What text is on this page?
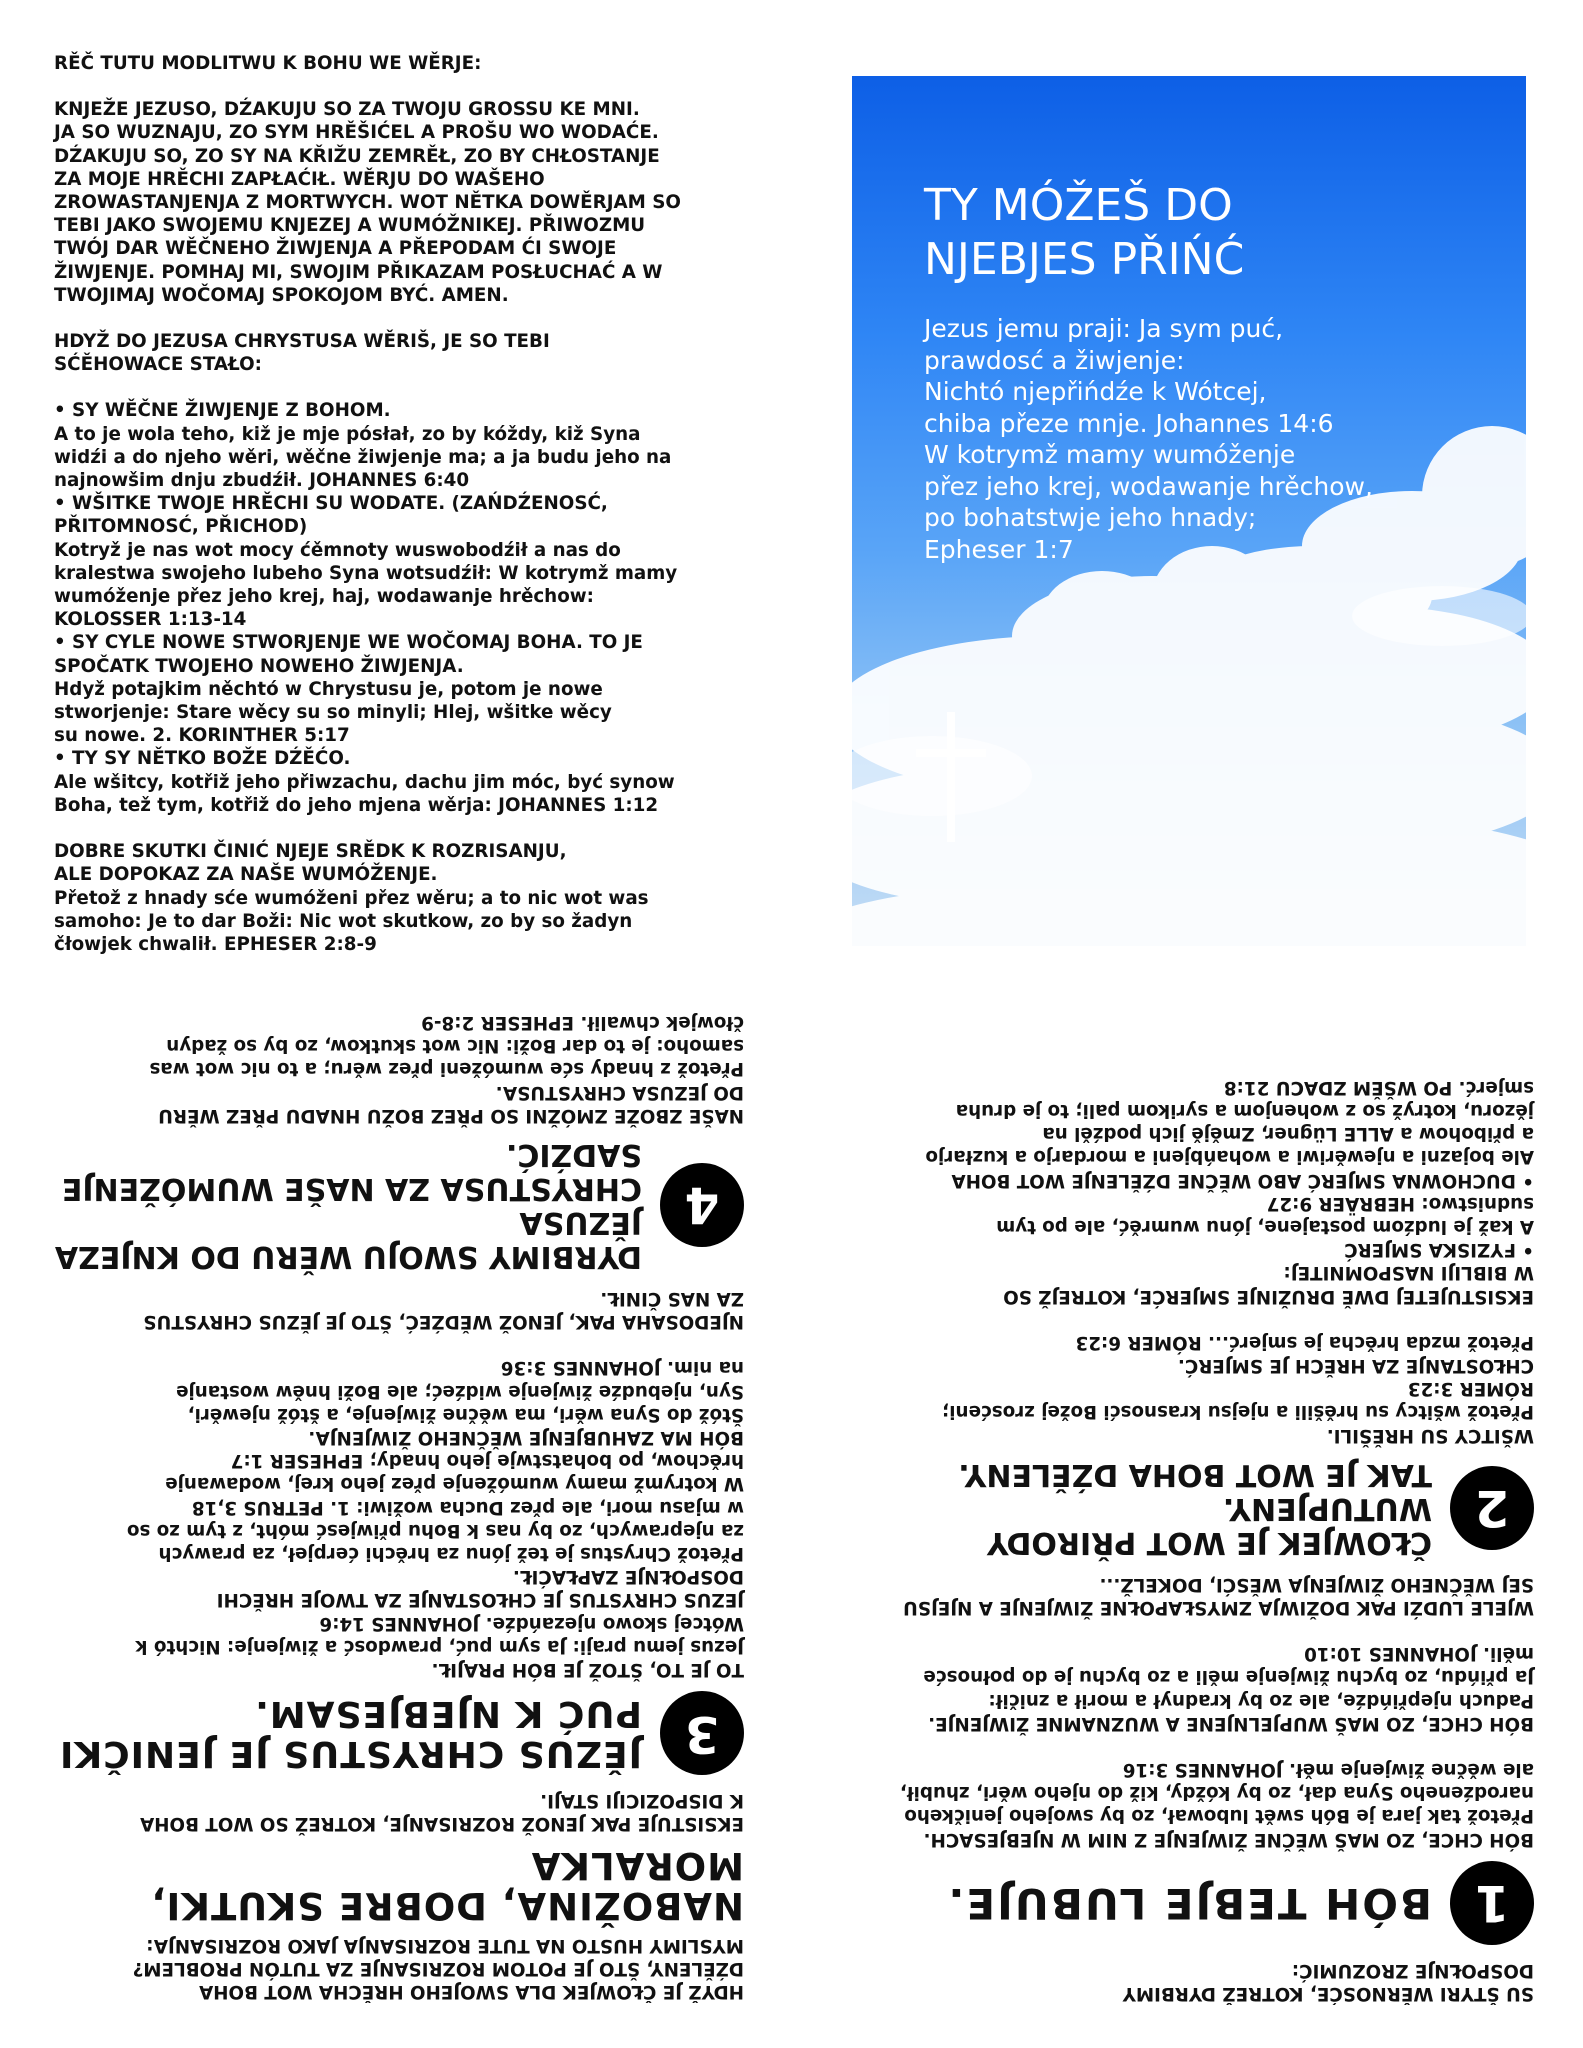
RĚČ TUTU MODLITWU K BOHU WE WĚRJE:

KNJEŽE JEZUSO, DŹAKUJU SO ZA TWOJU GROSSU KE MNI.

JA SO WUZNAJU, ZO SYM HRĚŠIĆEL A PROŠU WO WODAĆE.

DŹAKUJU SO, ZO SY NA KŘIŽU ZEMRĚŁ, ZO BY CHŁOSTANJE

ZA MOJE HRĚCHI ZAPŁAĆIŁ. WĚRJU DO WAŠEHO

ZROWASTANJENJA Z MORTWYCH. WOT NĚTKA DOWĚRJAM SO

TEBI JAKO SWOJEMU KNJEZEJ A WUMÓŽNIKEJ. PŘIWOZMU

TWÓJ DAR WĚČNEHO ŽIWJENJA A PŘEPODAM ĆI SWOJE

ŽIWJENJE. POMHAJ MI, SWOJIM PŘIKAZAM POSŁUCHAĆ A W

TWOJIMAJ WOČOMAJ SPOKOJOM BYĆ. AMEN.

HDYŽ DO JEZUSA CHRYSTUSA WĚRIŠ, JE SO TEBI

SĆĚHOWACE STAŁO:

• SY WĚČNE ŽIWJENJE Z BOHOM.

A to je wola teho, kiž je mje pósłał, zo by kóždy, kiž Syna

widźi a do njeho wěri, wěčne žiwjenje ma; a ja budu jeho na

najnowšim dnju zbudźił. JOHANNES 6:40

• WŠITKE TWOJE HRĚCHI SU WODATE. (ZAŃDŹENOSĆ,

PŘITOMNOSĆ, PŘICHOD)

Kotryž je nas wot mocy ćěmnoty wuswobodźił a nas do

kralestwa swojeho lubeho Syna wotsudźił: W kotrymž mamy

wumóženje přez jeho krej, haj, wodawanje hrěchow:

KOLOSSER 1:13-14

• SY CYLE NOWE STWORJENJE WE WOČOMAJ BOHA. TO JE

SPOČATK TWOJEHO NOWEHO ŽIWJENJA.

Hdyž potajkim něchtó w Chrystusu je, potom je nowe

stworjenje: Stare wěcy su so minyli; Hlej, wšitke wěcy

su nowe. 2. KORINTHER 5:17

• TY SY NĚTKO BOŽE DŹĚĆO.

Ale wšitcy, kotřiž jeho přiwzachu, dachu jim móc, być synow

Boha, tež tym, kotřiž do jeho mjena wěrja: JOHANNES 1:12

DOBRE SKUTKI ČINIĆ NJEJE SRĚDK K ROZRISANJU,

ALE DOPOKAZ ZA NAŠE WUMÓŽENJE.

Přetož z hnady sće wumóženi přez wěru; a to nic wot was

samoho: Je to dar Boži: Nic wot skutkow, zo by so žadyn

čłowjek chwalił. EPHESER 2:8-9

TY MÓŽEŠ DO
NJEBJES PŘIŃĆ
Jezus jemu praji: Ja sym puć,
prawdosć a žiwjenje:
Nichtó njepřińdźe k Wótcej,
chiba přeze mnje. Johannes 14:6
W kotrymž mamy wumóženje
přez jeho krej, wodawanje hrěchow,
po bohatstwje jeho hnady;
Epheser 1:7

HDYŽ JE ČŁOWJEK DLA SWOJEHO HRĚCHA WOT BOHA

DŹĚLENY, ŠTO JE POTOM ROZRISANJE ZA TUTÓN PROBLEM?

MYSLIMY HUSTO NA TUTE ROZRISANJA JAKO ROZRISANJA:

NABOŽINA, DOBRE SKUTKI, MORALKA

EKSISTUJE PAK JENOŽ ROZRISANJE, KOTREŽ SO WOT BOHA

K DISPOZICIJI STAJI.

3
JĚZUS CHRYSTUS JE JENIČKI
PUĆ K NJEBJESAM.

TO JE TO, ŠTOŽ JE BÓH PRAJIŁ.

Jezus jemu praji: Ja sym puć, prawdosć a žiwjenje: Nichtó k

Wótcej skowo njezańdźe. JOHANNES 14:6

JEZUS CHRYSTUS JE CHŁOSTANJE ZA TWOJE HRĚCHI

DOSPOŁNJE ZAPŁAĆIŁ.

Přetož Chrystus je tež jónu za hrěchi ćerpjeł, za prawych

za njeprawych, zo by nas k Bohu přiwjesć móht, z tym zo so

w mjasu mori, ale přez Ducha wožiwi: 1. PETRUS 3,18

W kotrymž mamy wumóženje přez jeho krej, wodawanje

hrěchow, po bohatstwje jeho hnady; EPHESER 1:7

BÓH MA ZAHUBJENJE WĚČNEHO ŽIWJENJA.

Štóž do Syna wěri, ma wěčne žiwjenje, a štóž njewěri,

Syn, njebudźe žiwjenje widźeć; ale Boži hněw wostanje

na nim. JOHANNES 3:36

NJEDOSAHA PAK, JENOŽ WĚDŹEĆ, ŠTO JE JĚZUS CHRYSTUS

ZA NAS ČINIŁ.

4
DYRBIMY SWOJU WĚRU DO KNJEZA JĚZUSA
CHRYSTUSA ZA NAŠE WUMÓŽENJE SADŹIĆ.

NAŠE ZBOŽE ZMÓŽNI SO PŘEZ BOŽU HNADU PŘEZ WĚRU

DO JEZUSA CHRYSTUSA.

Přetož z hnady sće wumóženi přez wěru; a to nic wot was

samoho: je to dar Boži: Nic wot skutkow, zo by so žadyn

čłowjek chwalił. EPHESER 2:8-9

SU ŠTYRI WĚRNOSĆE, KOTREŽ DYRBIMY

DOSPOŁNJE ZROZUMIĆ:

1
BÓH TEBJE LUBUJE.

BÓH CHCE, ZO MAŠ WĚČNE ŽIWJENJE Z NIM W NJEBJESACH.

Přetož tak jara je Bóh swět lubował, zo by swojeho jeničkeho

narodźeneho Syna dał, zo by kóždy, kiž do njeho wěri, zhubił,

ale wěčne žiwjenje měł. JOHANNES 3:16

BÓH CHCE, ZO MAŠ WUPJELNJENE A WUZNAMNE ŽIWJENJE.

Paduch njepřińdźe, ale zo by kradnył a morił a zničił:

Ja přińdu, zo bychu žiwjenje měli a zo bychu je do połnosće

měli. JOHANNES 10:10

WJELE LUDŹI PAK DOŽIWJA ZMYSŁAPOŁNE ŽIWJENJE A NJEJSU

SEJ WĚČNEHO ŽIWJENJA WĚSĆI, DOKELŽ...

2
ČŁOWJEK JE WOT PŘIRODY WUTUPJENY.
TAK JE WOT BOHA DŹĚLENY.

WŠITCY SU HRĚŠILI.

Přetož wšitcy su hrěšili a njejsu krasnosći Božej zrosćeni;

RÓMER 3:23

CHŁOSTANJE ZA HRĚCH JE SMJERĆ.

Přetož mzda hrěcha je smjerć... RÓMER 6:23

EKSISTUJETEJ DWĚ DRUŽINJE SMJERĆE, KOTREJŽ SO

W BIBLIJI NASPOMNITEJ:

• FYZISKA SMJERĆ

A kaž je ludźom postajene, jónu wumrěć, ale po tym

sudnistwo: HEBRÄER 9:27

• DUCHOWNA SMJERĆ ABO WĚČNE DŹĚLENJE WOT BOHA

Ale bojazni a njewěriwi a wohańbjeni a mordarjo a kuzłarjo

a přibohow a ALLE Lügner, Změjě jich podźěl na

jězoru, kotryž so z wohenjom a syrikom pali; to je druha

smjerć. PO WŠĚM ZDACU 21:8
